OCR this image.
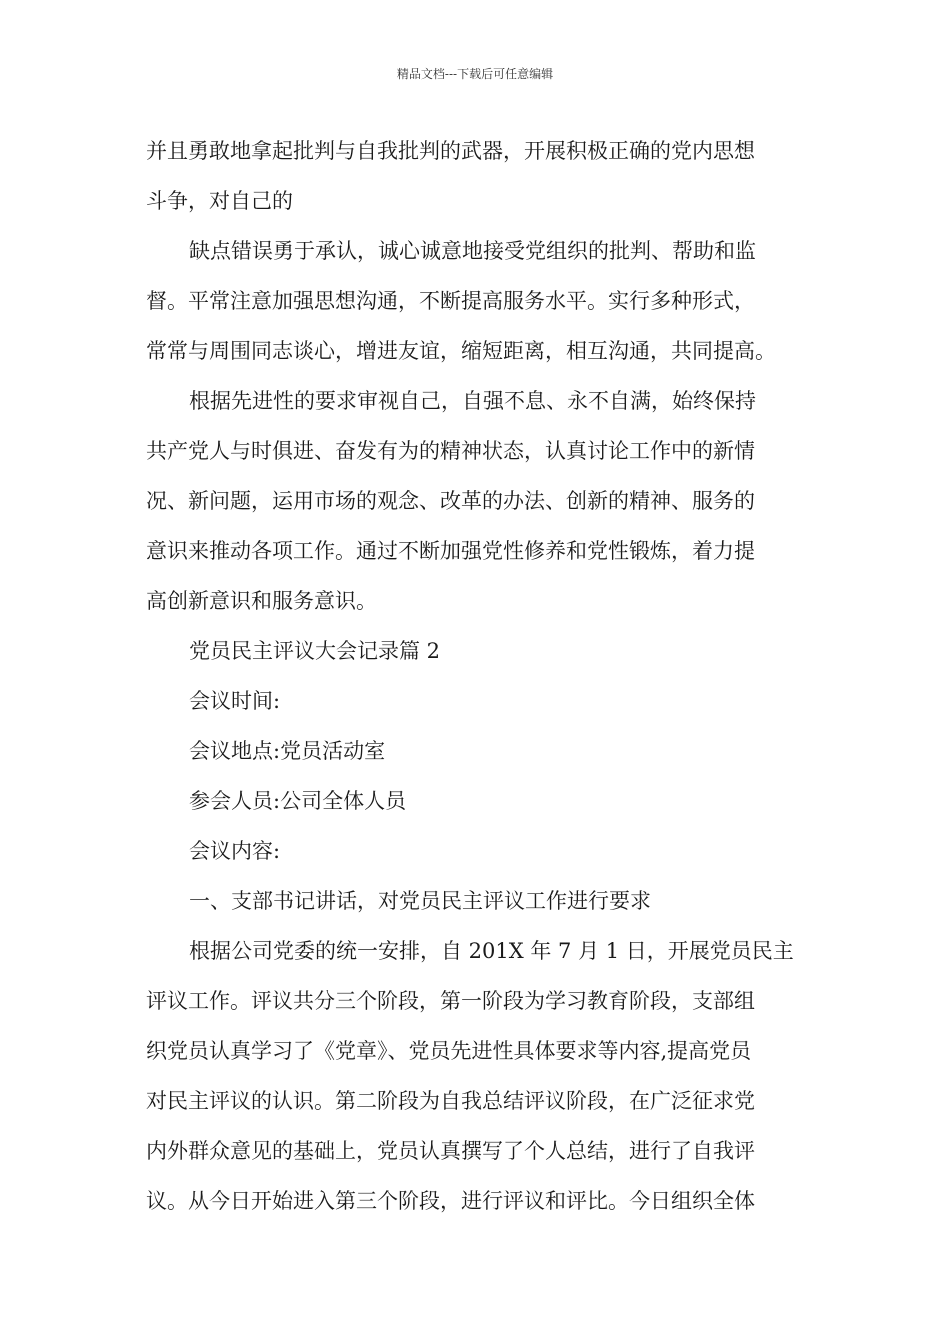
精品文档---下载后可任意编辑
并且勇敢地拿起批判与自我批判的武器，开展积极正确的党内思想
斗争，对自己的
缺点错误勇于承认，诚心诚意地接受党组织的批判、帮助和监
督。平常注意加强思想沟通，不断提高服务水平。实行多种形式，
常常与周围同志谈心，增进友谊，缩短距离，相互沟通，共同提高。
根据先进性的要求审视自己，自强不息、永不自满，始终保持
共产党人与时俱进、奋发有为的精神状态，认真讨论工作中的新情
况、新问题，运用市场的观念、改革的办法、创新的精神、服务的
意识来推动各项工作。通过不断加强党性修养和党性锻炼，着力提
高创新意识和服务意识。
党员民主评议大会记录篇 2
会议时间:
会议地点:党员活动室
参会人员:公司全体人员
会议内容:
一、支部书记讲话，对党员民主评议工作进行要求
根据公司党委的统一安排，自 201X 年 7 月 1 日，开展党员民主
评议工作。评议共分三个阶段，第一阶段为学习教育阶段，支部组
织党员认真学习了《党章》、党员先进性具体要求等内容,提高党员
对民主评议的认识。第二阶段为自我总结评议阶段，在广泛征求党
内外群众意见的基础上，党员认真撰写了个人总结，进行了自我评
议。从今日开始进入第三个阶段，进行评议和评比。今日组织全体
